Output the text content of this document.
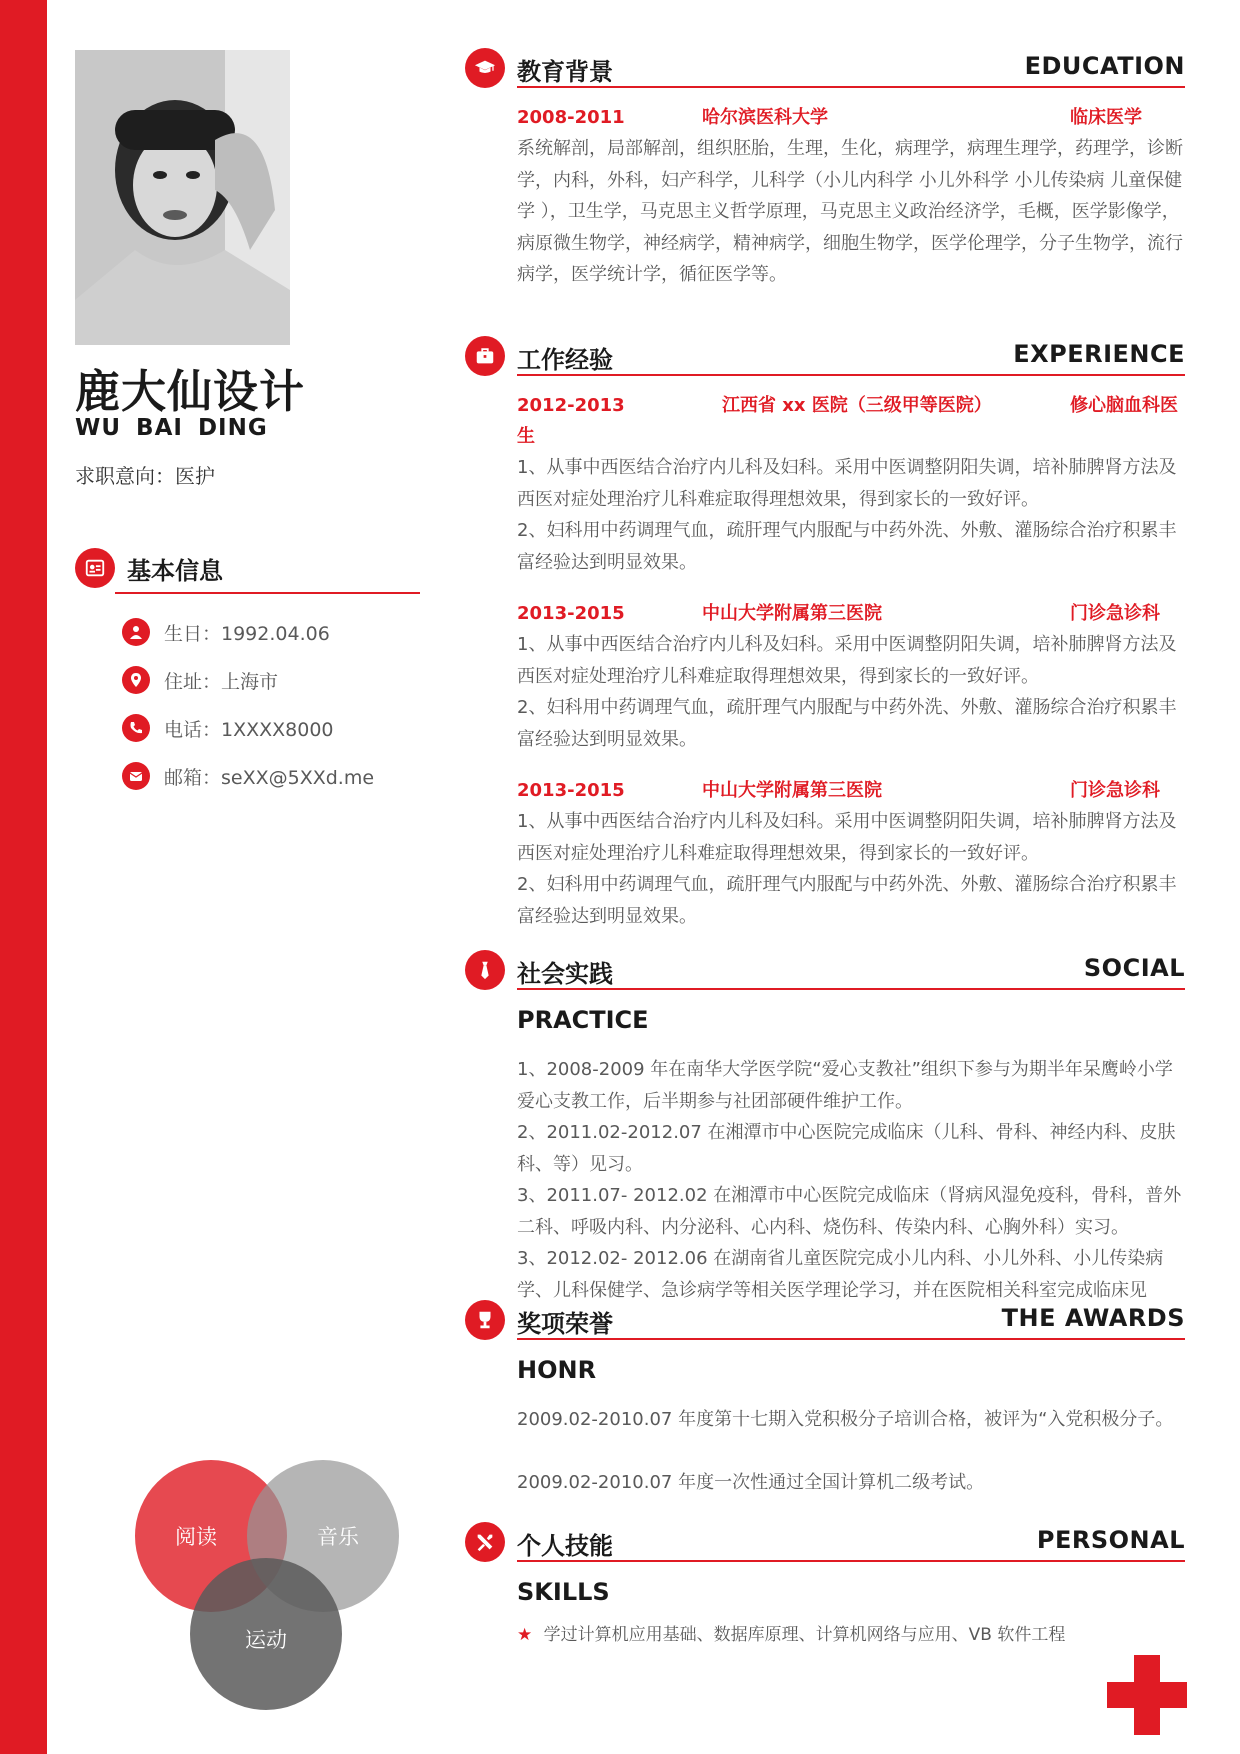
鹿大仙设计
WU BAI DING
求职意向：医护
基本信息
生日：1992.04.06
住址：上海市
电话：1XXXX8000
邮箱：seXX@5XXd.me
阅读	音乐
运动
教育背景	EDUCATION
2008-2011	哈尔滨医科大学	临床医学
系统解剖，局部解剖，组织胚胎，生理，生化，病理学，病理生理学，药理学，诊断学，内科，外科，妇产科学，儿科学（小儿内科学 小儿外科学 小儿传染病 儿童保健学 ），卫生学，马克思主义哲学原理，马克思主义政治经济学，毛概，医学影像学，病原微生物学，神经病学，精神病学，细胞生物学，医学伦理学，分子生物学，流行病学，医学统计学，循征医学等。
工作经验	EXPERIENCE
2012-2013	江西省 xx 医院（三级甲等医院）	修心脑血科医
生
1、从事中西医结合治疗内儿科及妇科。采用中医调整阴阳失调，培补肺脾肾方法及西医对症处理治疗儿科难症取得理想效果，得到家长的一致好评。
2、妇科用中药调理气血，疏肝理气内服配与中药外洗、外敷、灌肠综合治疗积累丰富经验达到明显效果。
2013-2015	中山大学附属第三医院	门诊急诊科
1、从事中西医结合治疗内儿科及妇科。采用中医调整阴阳失调，培补肺脾肾方法及西医对症处理治疗儿科难症取得理想效果，得到家长的一致好评。
2、妇科用中药调理气血，疏肝理气内服配与中药外洗、外敷、灌肠综合治疗积累丰富经验达到明显效果。
2013-2015	中山大学附属第三医院	门诊急诊科
1、从事中西医结合治疗内儿科及妇科。采用中医调整阴阳失调，培补肺脾肾方法及西医对症处理治疗儿科难症取得理想效果，得到家长的一致好评。
2、妇科用中药调理气血，疏肝理气内服配与中药外洗、外敷、灌肠综合治疗积累丰富经验达到明显效果。
社会实践	SOCIAL
PRACTICE
1、2008-2009 年在南华大学医学院“爱心支教社”组织下参与为期半年呆鹰岭小学爱心支教工作，后半期参与社团部硬件维护工作。
2、2011.02-2012.07 在湘潭市中心医院完成临床（儿科、骨科、神经内科、皮肤科、等）见习。
3、2011.07- 2012.02 在湘潭市中心医院完成临床（肾病风湿免疫科，骨科，普外二科、呼吸内科、内分泌科、心内科、烧伤科、传染内科、心胸外科）实习。
3、2012.02- 2012.06 在湖南省儿童医院完成小儿内科、小儿外科、小儿传染病学、儿科保健学、急诊病学等相关医学理论学习，并在医院相关科室完成临床见
奖项荣誉	THE AWARDS
HONR
2009.02-2010.07 年度第十七期入党积极分子培训合格，被评为“入党积极分子。
2009.02-2010.07 年度一次性通过全国计算机二级考试。
个人技能	PERSONAL
SKILLS
★ 学过计算机应用基础、数据库原理、计算机网络与应用、VB 软件工程
